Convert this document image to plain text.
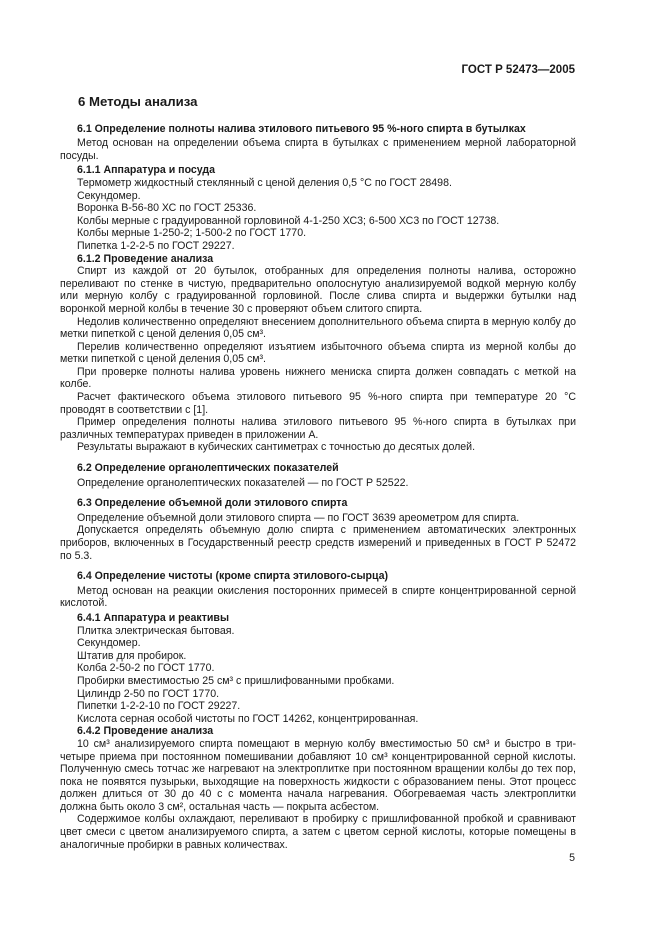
ГОСТ Р 52473—2005
6 Методы анализа
6.1 Определение полноты налива этилового питьевого 95 %-ного спирта в бутылках
Метод основан на определении объема спирта в бутылках с применением мерной лабораторной посуды.
6.1.1 Аппаратура и посуда
Термометр жидкостный стеклянный с ценой деления 0,5 °С по ГОСТ 28498.
Секундомер.
Воронка В-56-80 ХС по ГОСТ 25336.
Колбы мерные с градуированной горловиной 4-1-250 ХС3; 6-500 ХС3 по ГОСТ 12738.
Колбы мерные 1-250-2; 1-500-2 по ГОСТ 1770.
Пипетка 1-2-2-5 по ГОСТ 29227.
6.1.2 Проведение анализа
Спирт из каждой от 20 бутылок, отобранных для определения полноты налива, осторожно переливают по стенке в чистую, предварительно ополоснутую анализируемой водкой мерную колбу или мерную колбу с градуированной горловиной. После слива спирта и выдержки бутылки над воронкой мерной колбы в течение 30 с проверяют объем слитого спирта.
Недолив количественно определяют внесением дополнительного объема спирта в мерную колбу до метки пипеткой с ценой деления 0,05 см³.
Перелив количественно определяют изъятием избыточного объема спирта из мерной колбы до метки пипеткой с ценой деления 0,05 см³.
При проверке полноты налива уровень нижнего мениска спирта должен совпадать с меткой на колбе.
Расчет фактического объема этилового питьевого 95 %-ного спирта при температуре 20 °С проводят в соответствии с [1].
Пример определения полноты налива этилового питьевого 95 %-ного спирта в бутылках при различных температурах приведен в приложении А.
Результаты выражают в кубических сантиметрах с точностью до десятых долей.
6.2 Определение органолептических показателей
Определение органолептических показателей — по ГОСТ Р 52522.
6.3 Определение объемной доли этилового спирта
Определение объемной доли этилового спирта — по ГОСТ 3639 ареометром для спирта.
Допускается определять объемную долю спирта с применением автоматических электронных приборов, включенных в Государственный реестр средств измерений и приведенных в ГОСТ Р 52472 по 5.3.
6.4 Определение чистоты (кроме спирта этилового-сырца)
Метод основан на реакции окисления посторонних примесей в спирте концентрированной серной кислотой.
6.4.1 Аппаратура и реактивы
Плитка электрическая бытовая.
Секундомер.
Штатив для пробирок.
Колба 2-50-2 по ГОСТ 1770.
Пробирки вместимостью 25 см³ с пришлифованными пробками.
Цилиндр 2-50 по ГОСТ 1770.
Пипетки 1-2-2-10 по ГОСТ 29227.
Кислота серная особой чистоты по ГОСТ 14262, концентрированная.
6.4.2 Проведение анализа
10 см³ анализируемого спирта помещают в мерную колбу вместимостью 50 см³ и быстро в три-четыре приема при постоянном помешивании добавляют 10 см³ концентрированной серной кислоты. Полученную смесь тотчас же нагревают на электроплитке при постоянном вращении колбы до тех пор, пока не появятся пузырьки, выходящие на поверхность жидкости с образованием пены. Этот процесс должен длиться от 30 до 40 с с момента начала нагревания. Обогреваемая часть электроплитки должна быть около 3 см², остальная часть — покрыта асбестом.
Содержимое колбы охлаждают, переливают в пробирку с пришлифованной пробкой и сравнивают цвет смеси с цветом анализируемого спирта, а затем с цветом серной кислоты, которые помещены в аналогичные пробирки в равных количествах.
5
